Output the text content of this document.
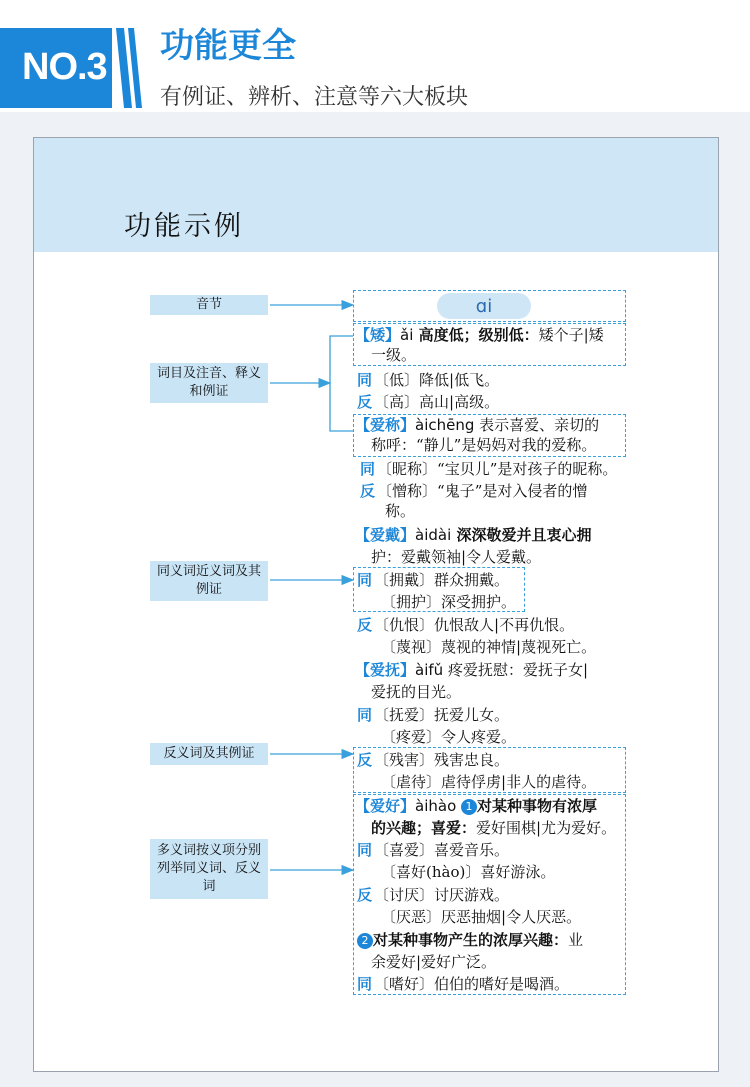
NO.3 功能更全
有例证、辨析、注意等六大板块
功能示例
音节
词目及注音、释义和例证
同义词近义词及其例证
反义词及其例证
多义词按义项分别列举同义词、反义词
ɑi
【矮】ǎi 高度低；级别低：矮个子|矮
一级。
同 〔低〕降低|低飞。
反 〔高〕高山|高级。
【爱称】àichēng 表示喜爱、亲切的
称呼：“静儿”是妈妈对我的爱称。
同 〔昵称〕“宝贝儿”是对孩子的昵称。
反 〔憎称〕“鬼子”是对入侵者的憎
称。
【爱戴】àidài 深深敬爱并且衷心拥
护：爱戴领袖|令人爱戴。
同 〔拥戴〕群众拥戴。
〔拥护〕深受拥护。
反 〔仇恨〕仇恨敌人|不再仇恨。
〔蔑视〕蔑视的神情|蔑视死亡。
【爱抚】àifǔ 疼爱抚慰：爱抚子女|
爱抚的目光。
同 〔抚爱〕抚爱儿女。
〔疼爱〕令人疼爱。
反 〔残害〕残害忠良。
〔虐待〕虐待俘虏|非人的虐待。
【爱好】àihào 1 对某种事物有浓厚
的兴趣；喜爱：爱好围棋|尤为爱好。
同 〔喜爱〕喜爱音乐。
〔喜好(hào)〕喜好游泳。
反 〔讨厌〕讨厌游戏。
〔厌恶〕厌恶抽烟|令人厌恶。
2 对某种事物产生的浓厚兴趣：业
余爱好|爱好广泛。
同 〔嗜好〕伯伯的嗜好是喝酒。
